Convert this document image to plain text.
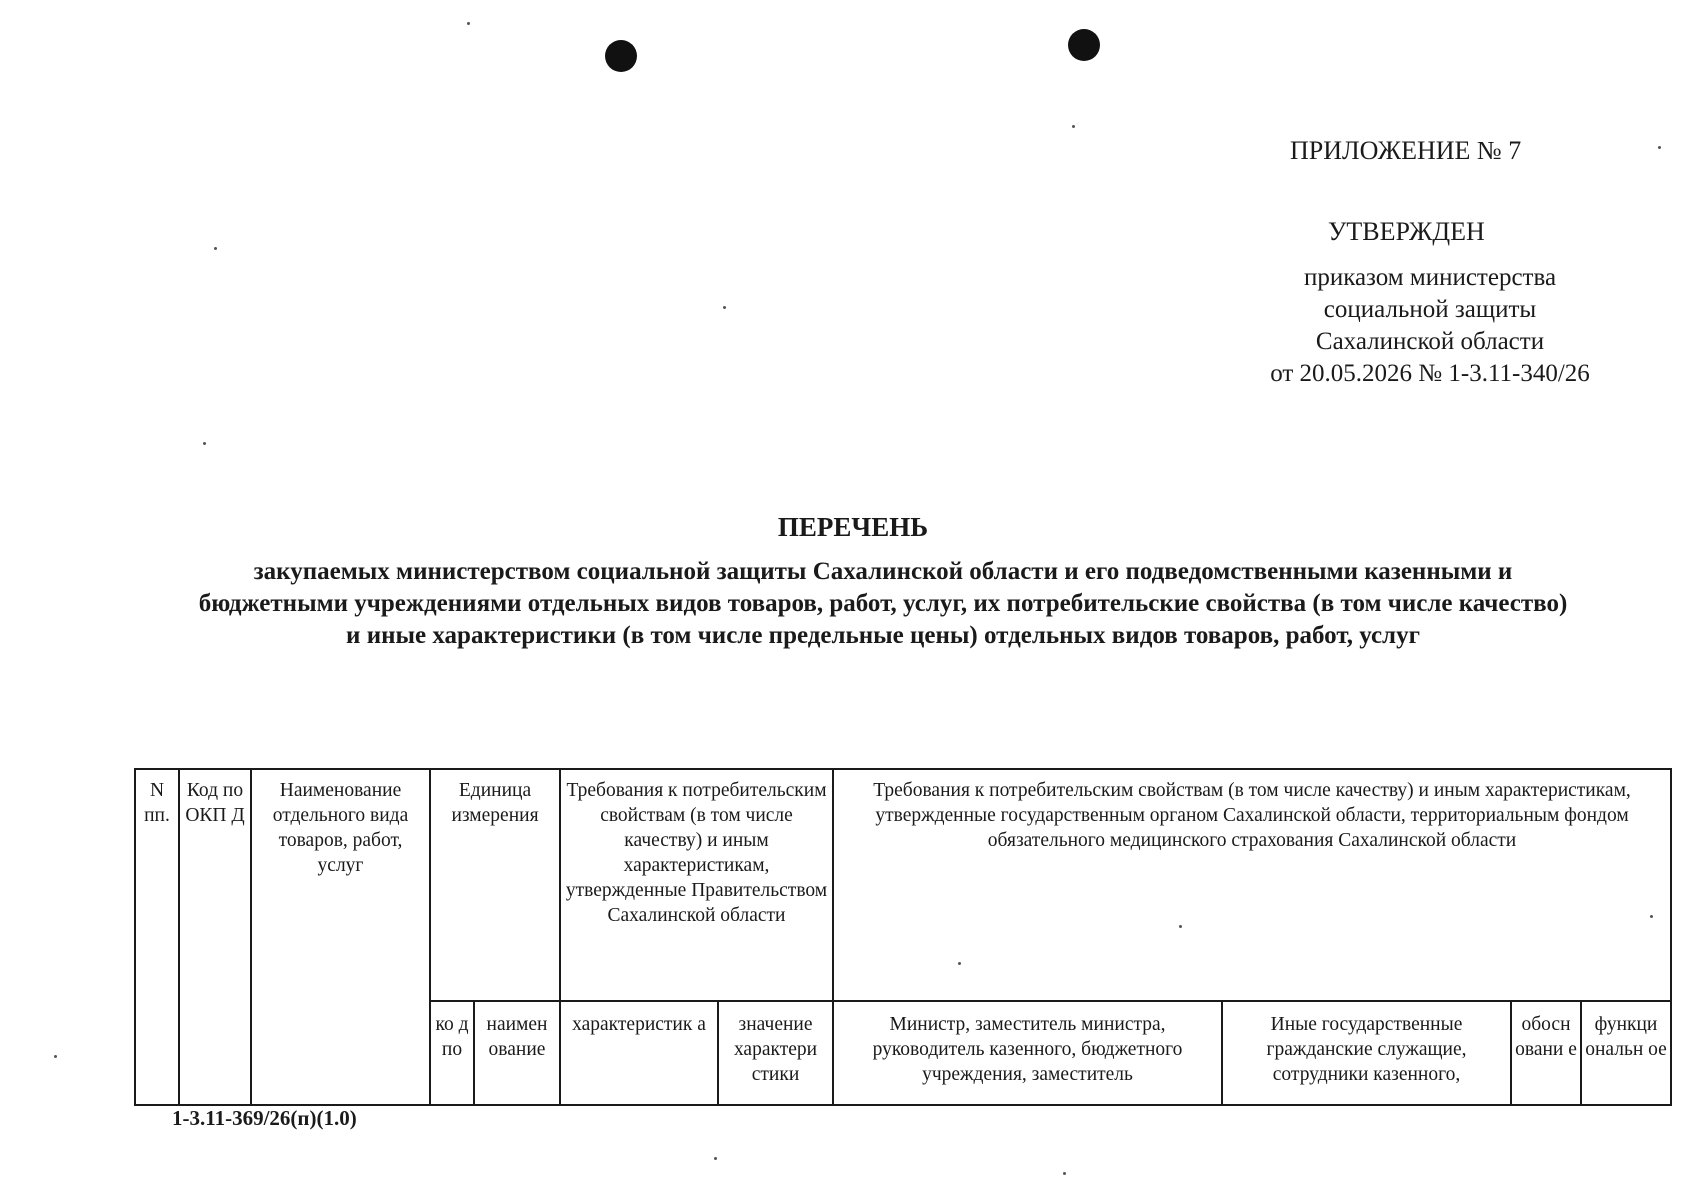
ПРИЛОЖЕНИЕ № 7
УТВЕРЖДЕН
приказом министерства
социальной защиты
Сахалинской области
от 20.05.2026 № 1-3.11-340/26
ПЕРЕЧЕНЬ
закупаемых министерством социальной защиты Сахалинской области и его подведомственными казенными и бюджетными учреждениями отдельных видов товаров, работ, услуг, их потребительские свойства (в том числе качество) и иные характеристики (в том числе предельные цены) отдельных видов товаров, работ, услуг
N пп.	Код по ОКП Д	Наименование отдельного вида товаров, работ, услуг	Единица измерения		Требования к потребительским свойствам (в том числе качеству) и иным характеристикам, утвержденные Правительством Сахалинской области		Требования к потребительским свойствам (в том числе качеству) и иным характеристикам, утвержденные государственным органом Сахалинской области, территориальным фондом обязательного медицинского страхования Сахалинской области			
			ко д по	наимен ование	характеристик а	значение характери стики	Министр, заместитель министра, руководитель казенного, бюджетного учреждения, заместитель	Иные государственные гражданские служащие, сотрудники казенного,	обосн овани е	функци ональн ое
1-3.11-369/26(п)(1.0)
